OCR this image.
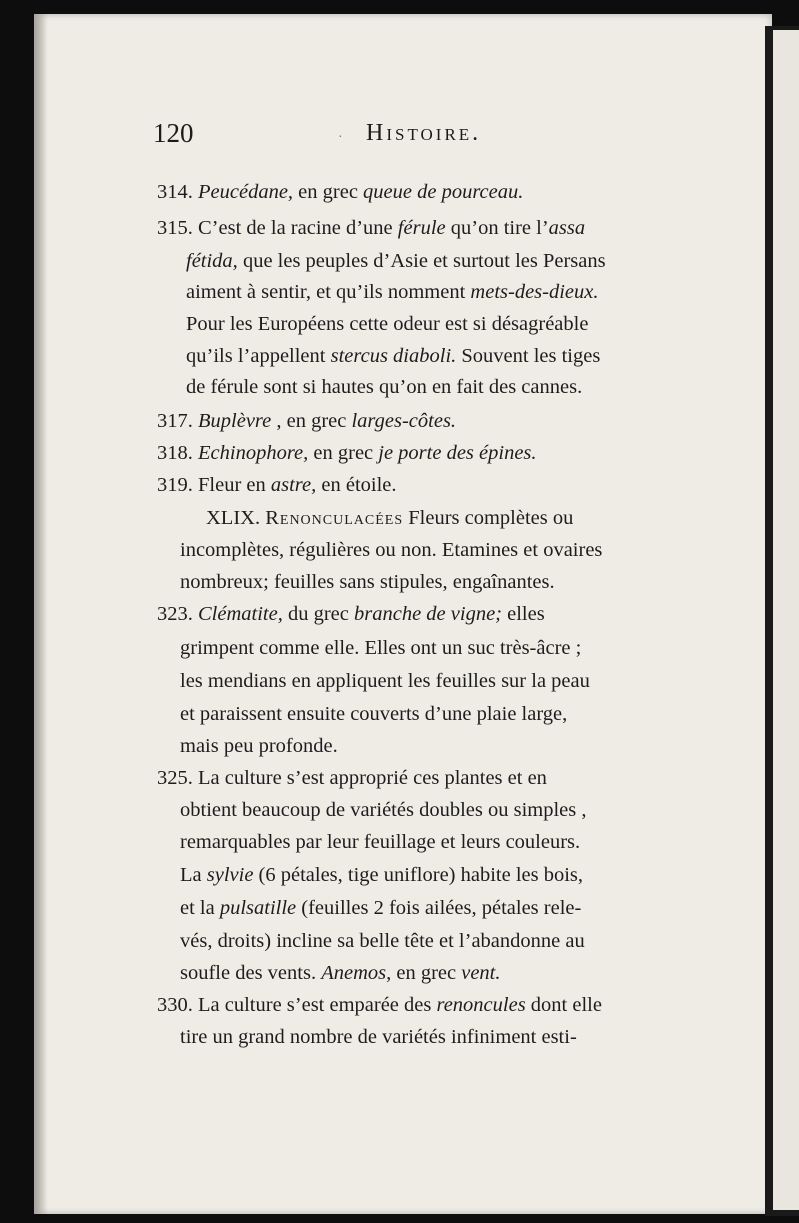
120	· Histoire.
314. Peucédane, en grec queue de pourceau.
315. C’est de la racine d’une férule qu’on tire l’assa
fétida, que les peuples d’Asie et surtout les Persans
aiment à sentir, et qu’ils nomment mets-des-dieux.
Pour les Européens cette odeur est si désagréable
qu’ils l’appellent stercus diaboli. Souvent les tiges
de férule sont si hautes qu’on en fait des cannes.
317. Buplèvre , en grec larges-côtes.
318. Echinophore, en grec je porte des épines.
319. Fleur en astre, en étoile.
XLIX. Renonculacées Fleurs complètes ou
incomplètes, régulières ou non. Etamines et ovaires
nombreux; feuilles sans stipules, engaînantes.
323. Clématite, du grec branche de vigne; elles
grimpent comme elle. Elles ont un suc très-âcre ;
les mendians en appliquent les feuilles sur la peau
et paraissent ensuite couverts d’une plaie large,
mais peu profonde.
325. La culture s’est approprié ces plantes et en
obtient beaucoup de variétés doubles ou simples ,
remarquables par leur feuillage et leurs couleurs.
La sylvie (6 pétales, tige uniflore) habite les bois,
et la pulsatille (feuilles 2 fois ailées, pétales rele-
vés, droits) incline sa belle tête et l’abandonne au
soufle des vents. Anemos, en grec vent.
330. La culture s’est emparée des renoncules dont elle
tire un grand nombre de variétés infiniment esti-
